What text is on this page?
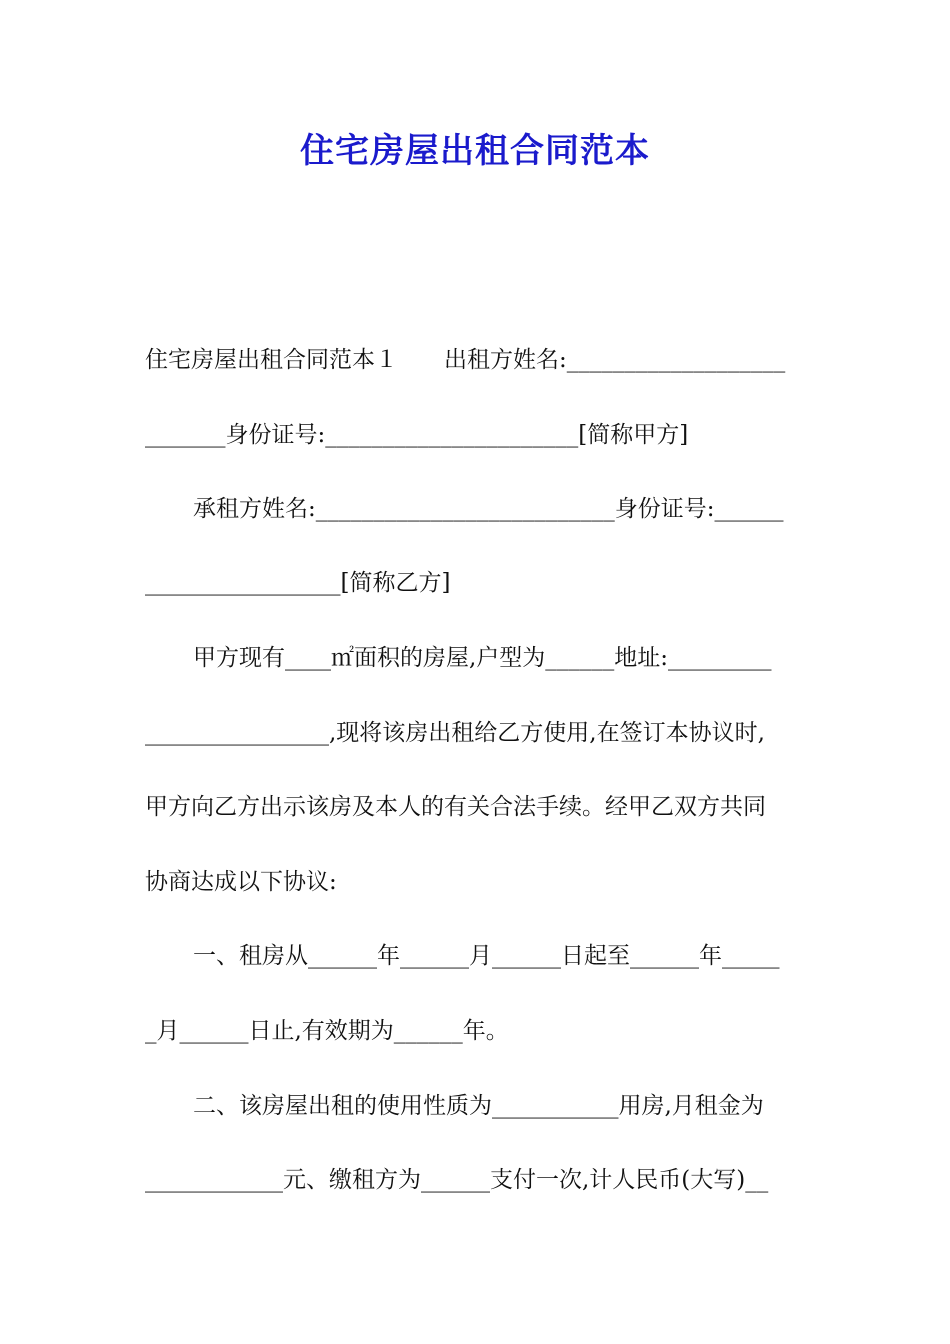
住宅房屋出租合同范本
住宅房屋出租合同范本１　　出租方姓名:___________________
_______身份证号:______________________[简称甲方]
承租方姓名:__________________________身份证号:______
_________________[简称乙方]
甲方现有____㎡面积的房屋,户型为______地址:_________
________________,现将该房出租给乙方使用,在签订本协议时,
甲方向乙方出示该房及本人的有关合法手续。经甲乙双方共同
协商达成以下协议:
一、租房从______年______月______日起至______年_____
_月______日止,有效期为______年。
二、该房屋出租的使用性质为___________用房,月租金为
____________元、缴租方为______支付一次,计人民币(大写)__
